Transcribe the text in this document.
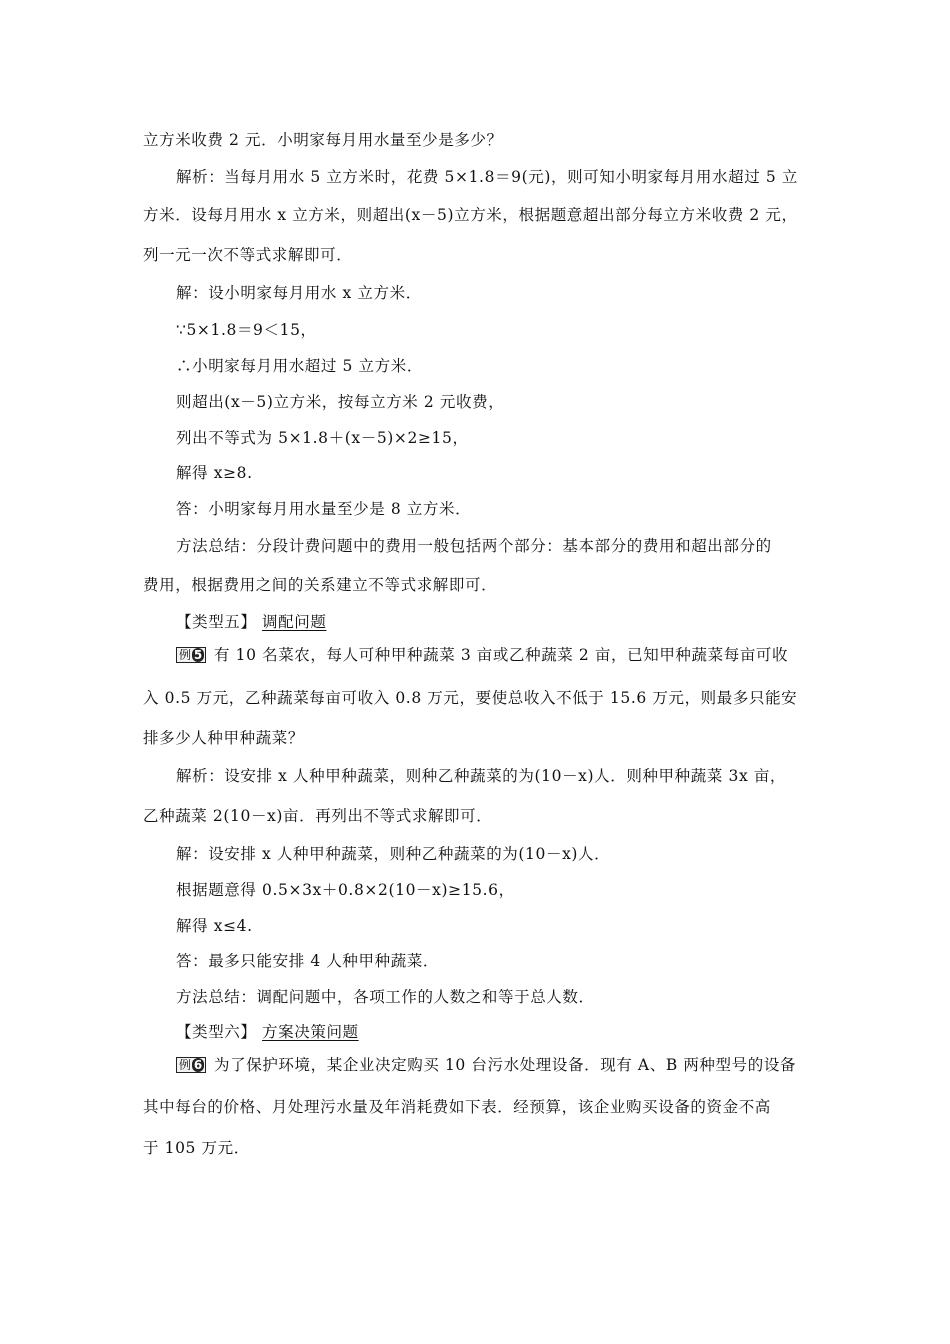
立方米收费 2 元．小明家每月用水量至少是多少？
解析：当每月用水 5 立方米时，花费 5×1.8＝9(元)，则可知小明家每月用水超过 5 立
方米．设每月用水 x 立方米，则超出(x－5)立方米，根据题意超出部分每立方米收费 2 元，
列一元一次不等式求解即可．
解：设小明家每月用水 x 立方米．
∵5×1.8＝9＜15，
∴小明家每月用水超过 5 立方米．
则超出(x－5)立方米，按每立方米 2 元收费，
列出不等式为 5×1.8＋(x－5)×2≥15，
解得 x≥8.
答：小明家每月用水量至少是 8 立方米．
方法总结：分段计费问题中的费用一般包括两个部分：基本部分的费用和超出部分的
费用，根据费用之间的关系建立不等式求解即可．
【类型五】 调配问题
例 5 有 10 名菜农，每人可种甲种蔬菜 3 亩或乙种蔬菜 2 亩，已知甲种蔬菜每亩可收
入 0.5 万元，乙种蔬菜每亩可收入 0.8 万元，要使总收入不低于 15.6 万元，则最多只能安
排多少人种甲种蔬菜？
解析：设安排 x 人种甲种蔬菜，则种乙种蔬菜的为(10－x)人．则种甲种蔬菜 3x 亩，
乙种蔬菜 2(10－x)亩．再列出不等式求解即可．
解：设安排 x 人种甲种蔬菜，则种乙种蔬菜的为(10－x)人．
根据题意得 0.5×3x＋0.8×2(10－x)≥15.6，
解得 x≤4.
答：最多只能安排 4 人种甲种蔬菜．
方法总结：调配问题中，各项工作的人数之和等于总人数．
【类型六】 方案决策问题
例 6 为了保护环境，某企业决定购买 10 台污水处理设备．现有 A、B 两种型号的设备
其中每台的价格、月处理污水量及年消耗费如下表．经预算，该企业购买设备的资金不高
于 105 万元．
